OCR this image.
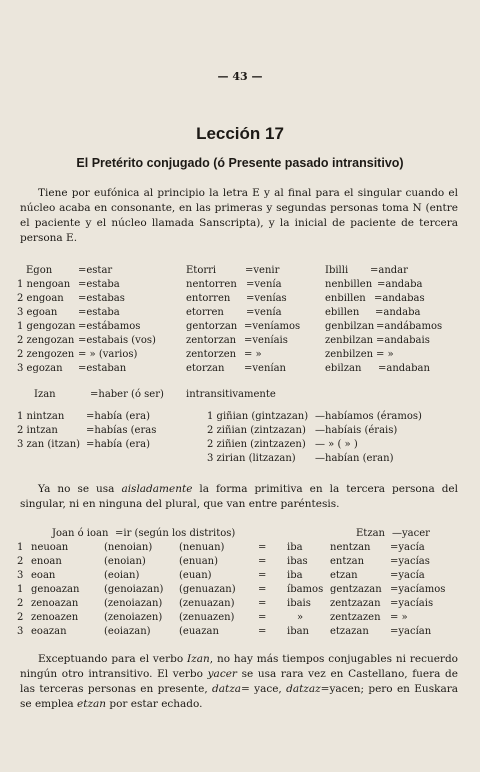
— 43 —
Lección 17
El Pretérito conjugado (ó Presente pasado intransitivo)

Tiene por eufónica al principio la letra E y al final para el singular cuando el núcleo acaba en consonante, en las primeras y segundas personas toma N (entre el paciente y el núcleo llamada Sanscripta), y la inicial de paciente de tercera persona E.

Egon	=estar	Etorri	=venir	Ibilli =andar
1 nengoan =estaba	nentorren =venía	nenbillen =andaba
2 engoan =estabas	entorren =venías	enbillen =andabas
3 egoan =estaba	etorren =venía	ebillen =andaba
1 gengozan =estábamos	gentorzan =veníamos genbilzan =andábamos
2 zengozan =estabais (vos)	zentorzan =veníais	zenbilzan =andabais
2 zengozen = » (varios)	zentorzen = »	zenbilzen = »
3 egozan =estaban	etorzan =venían	ebilzan =andaban
Izan	=haber (ó ser) intransitivamente
1 nintzan =había (era)	1 giñian (gintzazan) —habíamos (éramos)
2 intzan	=habías (eras	2 ziñian (zintzazan) —habíais (érais)
3 zan (itzan) =había (era)	2 ziñien (zintzazen) — » ( » )
3 zirian (litzazan) —habían (eran)

Ya no se usa aisladamente la forma primitiva en la tercera persona del singular, ni en ninguna del plural, que van entre paréntesis.

Joan ó ioan =ir (según los distritos)	Etzan —yacer
1 neuoan	(nenoian)	(nenuan)	= iba	nentzan =yacía
2 enoan	(enoian)	(enuan)	= ibas entzan	=yacías
3 eoan	(eoian)	(euan)	= iba	etzan	=yacía
1 genoazan (genoiazan) (genuazan) = íbamos gentzazan =yacíamos
2 zenoazan	(zenoiazan) (zenuazan) = ibais zentzazan =yacíais
2 zenoazen	(zenoiazen) (zenuazen) =	»	zentzazen = »
3 eoazan	(eoiazan)	(euazan	= iban etzazan =yacían

Exceptuando para el verbo Izan, no hay más tiempos conjugables ni recuerdo ningún otro intransitivo. El verbo yacer se usa rara vez en Castellano, fuera de las terceras personas en presente, datza= yace, datzaz=yacen; pero en Euskara se emplea etzan por estar echado.
